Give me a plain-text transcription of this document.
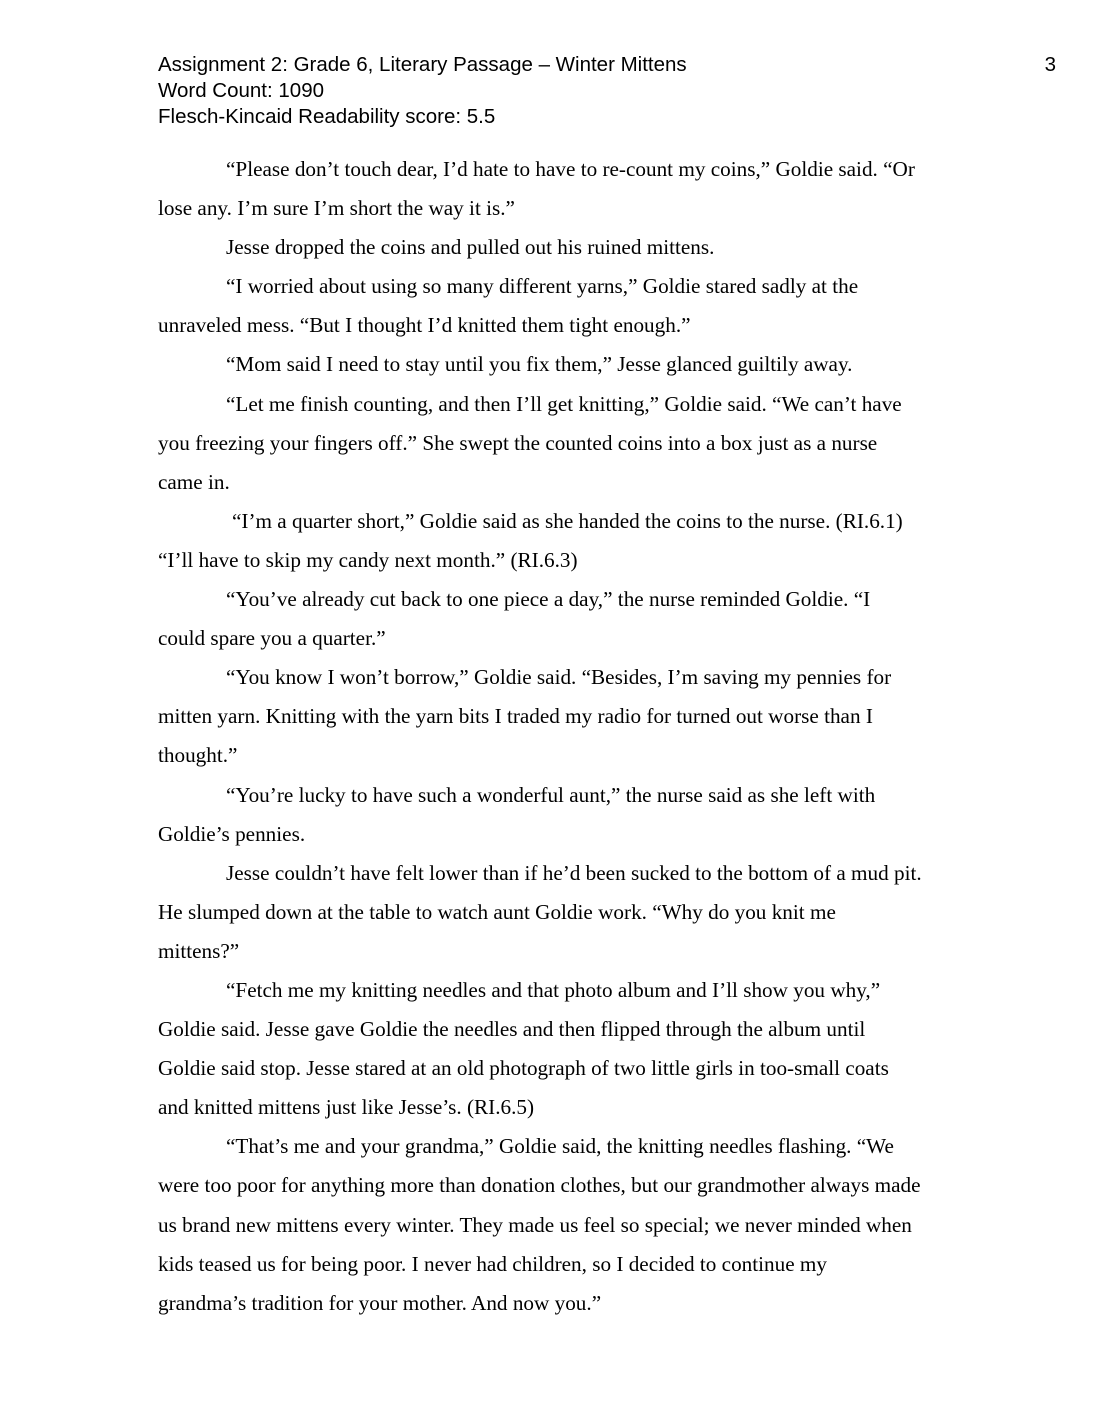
Assignment 2: Grade 6, Literary Passage – Winter Mittens
Word Count: 1090
Flesch-Kincaid Readability score: 5.5
3
“Please don’t touch dear, I’d hate to have to re-count my coins,” Goldie said. “Or
lose any. I’m sure I’m short the way it is.”
Jesse dropped the coins and pulled out his ruined mittens.
“I worried about using so many different yarns,” Goldie stared sadly at the
unraveled mess. “But I thought I’d knitted them tight enough.”
“Mom said I need to stay until you fix them,” Jesse glanced guiltily away.
“Let me finish counting, and then I’ll get knitting,” Goldie said. “We can’t have
you freezing your fingers off.” She swept the counted coins into a box just as a nurse
came in.
“I’m a quarter short,” Goldie said as she handed the coins to the nurse. (RI.6.1)
“I’ll have to skip my candy next month.” (RI.6.3)
“You’ve already cut back to one piece a day,” the nurse reminded Goldie. “I
could spare you a quarter.”
“You know I won’t borrow,” Goldie said. “Besides, I’m saving my pennies for
mitten yarn. Knitting with the yarn bits I traded my radio for turned out worse than I
thought.”
“You’re lucky to have such a wonderful aunt,” the nurse said as she left with
Goldie’s pennies.
Jesse couldn’t have felt lower than if he’d been sucked to the bottom of a mud pit.
He slumped down at the table to watch aunt Goldie work. “Why do you knit me
mittens?”
“Fetch me my knitting needles and that photo album and I’ll show you why,”
Goldie said. Jesse gave Goldie the needles and then flipped through the album until
Goldie said stop. Jesse stared at an old photograph of two little girls in too-small coats
and knitted mittens just like Jesse’s. (RI.6.5)
“That’s me and your grandma,” Goldie said, the knitting needles flashing. “We
were too poor for anything more than donation clothes, but our grandmother always made
us brand new mittens every winter. They made us feel so special; we never minded when
kids teased us for being poor. I never had children, so I decided to continue my
grandma’s tradition for your mother. And now you.”
